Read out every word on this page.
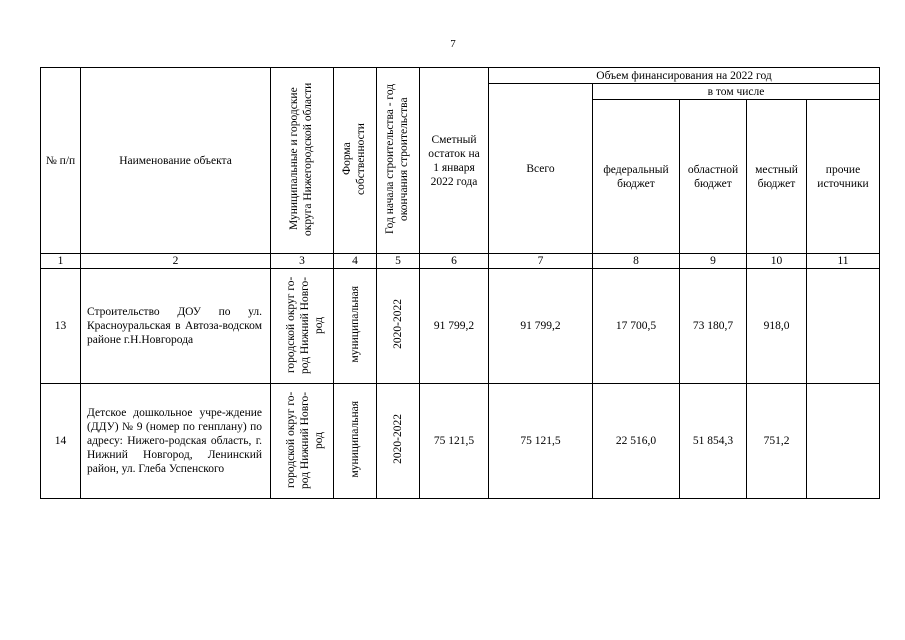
7
№ п/п	Наименование объекта	Муниципальные и городские округа Нижегородской области	Форма собственности	Год начала строительства - год окончания строительства	Сметный остаток на 1 января 2022 года	Объем финансирования на 2022 год				
						Всего	в том числе			
							федеральный бюджет	областной бюджет	местный бюджет	прочие источники
1	2	3	4	5	6	7	8	9	10	11
13	Строительство ДОУ по ул. Красноуральская в Автоза-водском районе г.Н.Новгорода	городской округ го-род Нижний Новго-род	муниципальная	2020-2022	91 799,2	91 799,2	17 700,5	73 180,7	918,0	
14	Детское дошкольное учре-ждение (ДДУ) № 9 (номер по генплану) по адресу: Нижего-родская область, г. Нижний Новгород, Ленинский район, ул. Глеба Успенского	городской округ го-род Нижний Новго-род	муниципальная	2020-2022	75 121,5	75 121,5	22 516,0	51 854,3	751,2	
